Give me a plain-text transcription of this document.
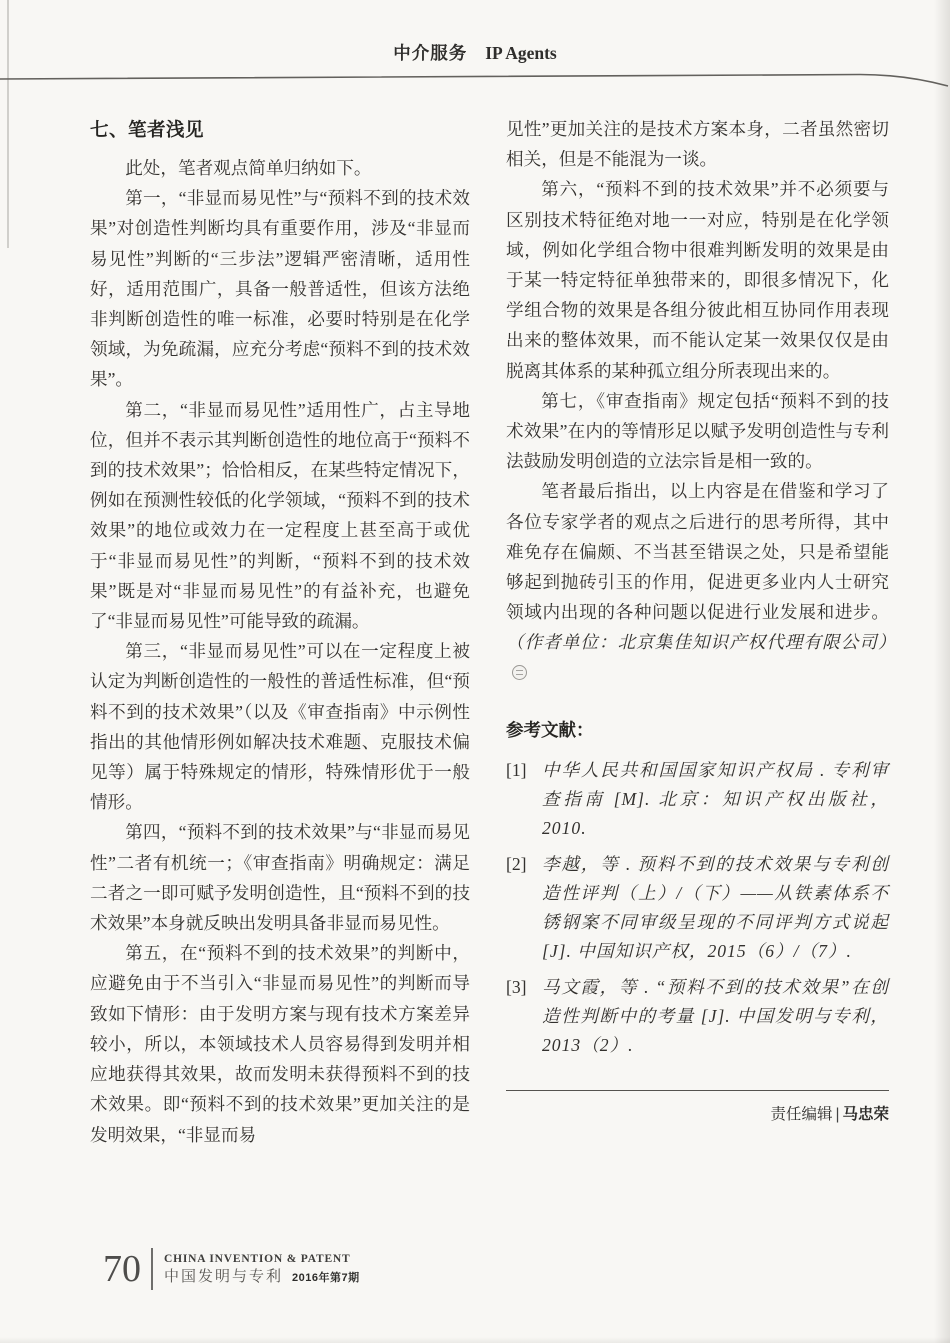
中介服务 IP Agents
七、笔者浅见

此处，笔者观点简单归纳如下。

第一，“非显而易见性”与“预料不到的技术效果”对创造性判断均具有重要作用，涉及“非显而易见性”判断的“三步法”逻辑严密清晰，适用性好，适用范围广，具备一般普适性，但该方法绝非判断创造性的唯一标准，必要时特别是在化学领域，为免疏漏，应充分考虑“预料不到的技术效果”。

第二，“非显而易见性”适用性广，占主导地位，但并不表示其判断创造性的地位高于“预料不到的技术效果”；恰恰相反，在某些特定情况下，例如在预测性较低的化学领域，“预料不到的技术效果”的地位或效力在一定程度上甚至高于或优于“非显而易见性”的判断，“预料不到的技术效果”既是对“非显而易见性”的有益补充，也避免了“非显而易见性”可能导致的疏漏。

第三，“非显而易见性”可以在一定程度上被认定为判断创造性的一般性的普适性标准，但“预料不到的技术效果”（以及《审查指南》中示例性指出的其他情形例如解决技术难题、克服技术偏见等）属于特殊规定的情形，特殊情形优于一般情形。

第四，“预料不到的技术效果”与“非显而易见性”二者有机统一；《审查指南》明确规定：满足二者之一即可赋予发明创造性，且“预料不到的技术效果”本身就反映出发明具备非显而易见性。

第五，在“预料不到的技术效果”的判断中，应避免由于不当引入“非显而易见性”的判断而导致如下情形：由于发明方案与现有技术方案差异较小，所以，本领域技术人员容易得到发明并相应地获得其效果，故而发明未获得预料不到的技术效果。即“预料不到的技术效果”更加关注的是发明效果，“非显而易

见性”更加关注的是技术方案本身，二者虽然密切相关，但是不能混为一谈。

第六，“预料不到的技术效果”并不必须要与区别技术特征绝对地一一对应，特别是在化学领域，例如化学组合物中很难判断发明的效果是由于某一特定特征单独带来的，即很多情况下，化学组合物的效果是各组分彼此相互协同作用表现出来的整体效果，而不能认定某一效果仅仅是由脱离其体系的某种孤立组分所表现出来的。

第七，《审查指南》规定包括“预料不到的技术效果”在内的等情形足以赋予发明创造性与专利法鼓励发明创造的立法宗旨是相一致的。

笔者最后指出，以上内容是在借鉴和学习了各位专家学者的观点之后进行的思考所得，其中难免存在偏颇、不当甚至错误之处，只是希望能够起到抛砖引玉的作用，促进更多业内人士研究领域内出现的各种问题以促进行业发展和进步。（作者单位：北京集佳知识产权代理有限公司）

参考文献：
[1] 中华人民共和国国家知识产权局 . 专利审查指南 [M]. 北京：知识产权出版社，2010.
[2] 李越，等 . 预料不到的技术效果与专利创造性评判（上）/（下）——从铁素体系不锈钢案不同审级呈现的不同评判方式说起 [J]. 中国知识产权，2015（6）/（7）.
[3] 马文霞，等 . “预料不到的技术效果”在创造性判断中的考量 [J]. 中国发明与专利，2013（2）.
责任编辑 | 马忠荣
70 CHINA INVENTION & PATENT
中国发明与专利 2016年第7期
